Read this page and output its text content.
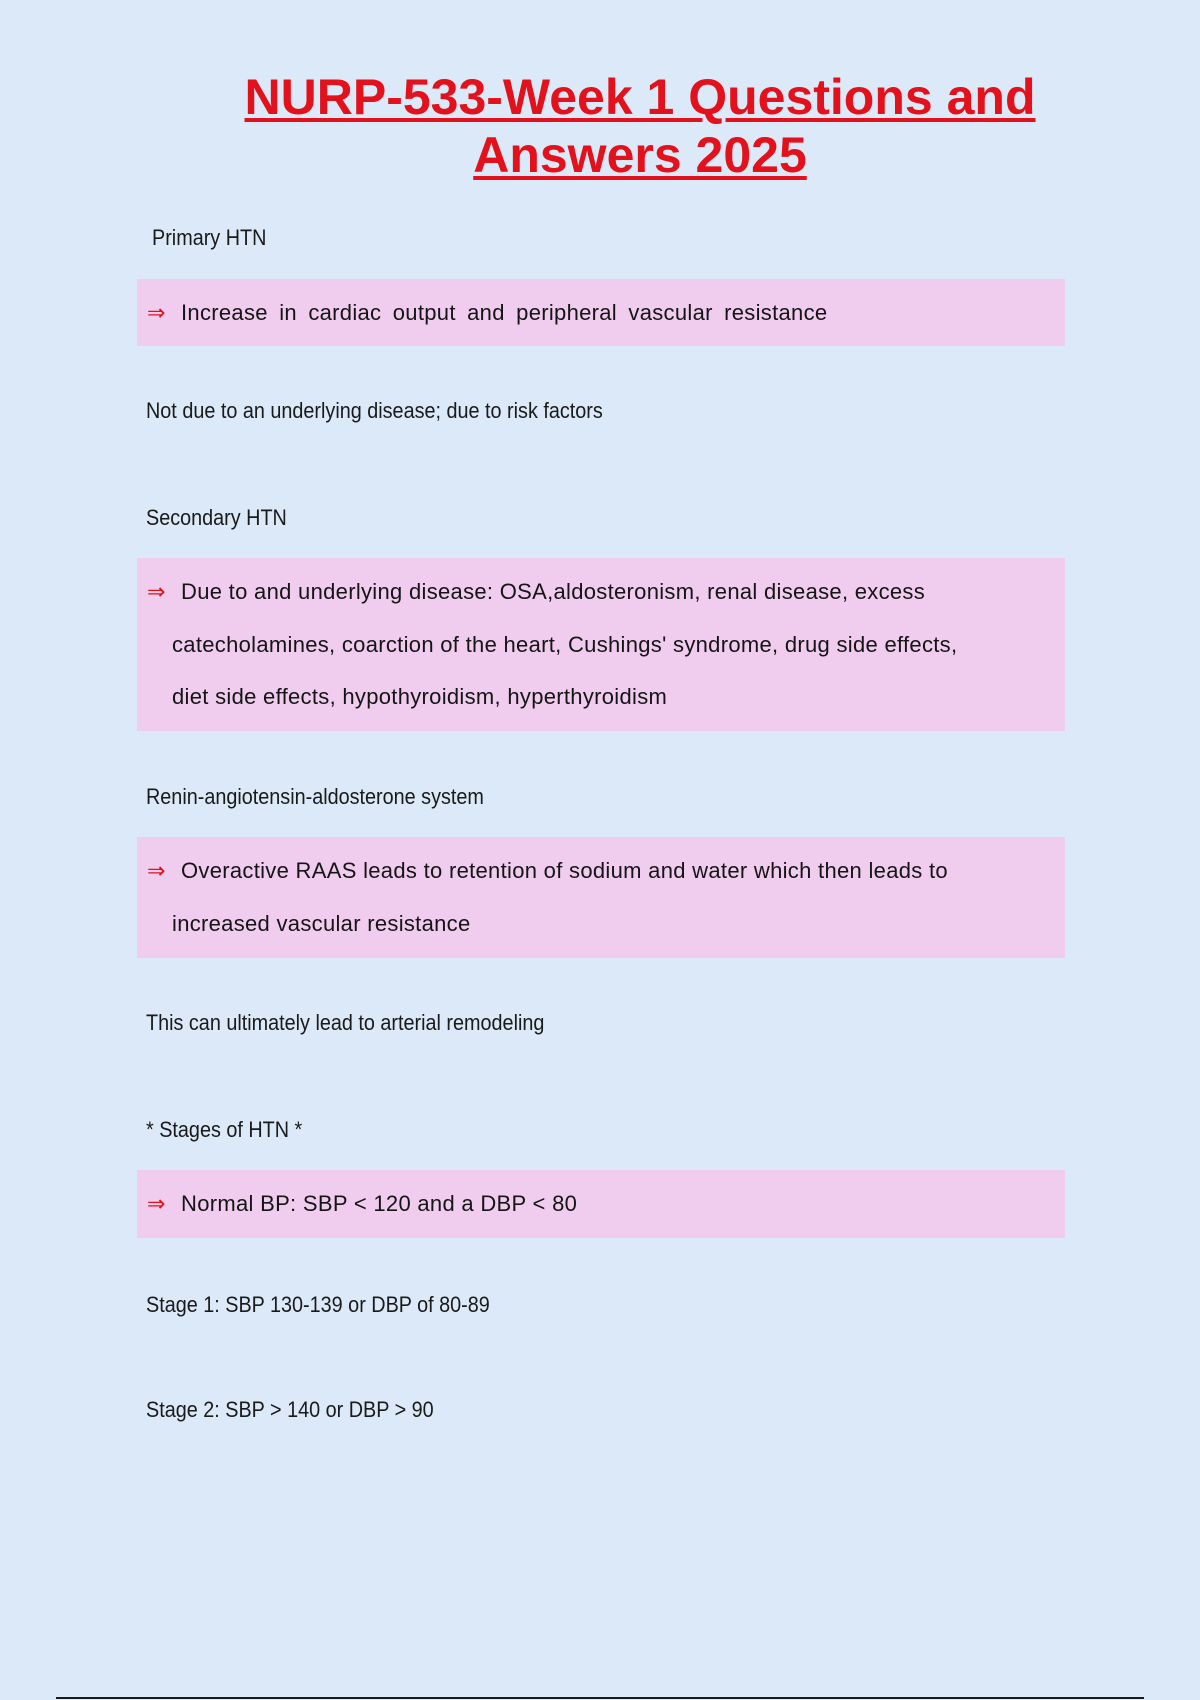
NURP-533-Week 1 Questions and
Answers 2025
Primary HTN
⇒ Increase in cardiac output and peripheral vascular resistance
Not due to an underlying disease; due to risk factors
Secondary HTN
⇒ Due to and underlying disease: OSA,aldosteronism, renal disease, excess
catecholamines, coarction of the heart, Cushings' syndrome, drug side effects,
diet side effects, hypothyroidism, hyperthyroidism
Renin-angiotensin-aldosterone system
⇒ Overactive RAAS leads to retention of sodium and water which then leads to
increased vascular resistance
This can ultimately lead to arterial remodeling
* Stages of HTN *
⇒ Normal BP: SBP < 120 and a DBP < 80
Stage 1: SBP 130-139 or DBP of 80-89
Stage 2: SBP > 140 or DBP > 90
